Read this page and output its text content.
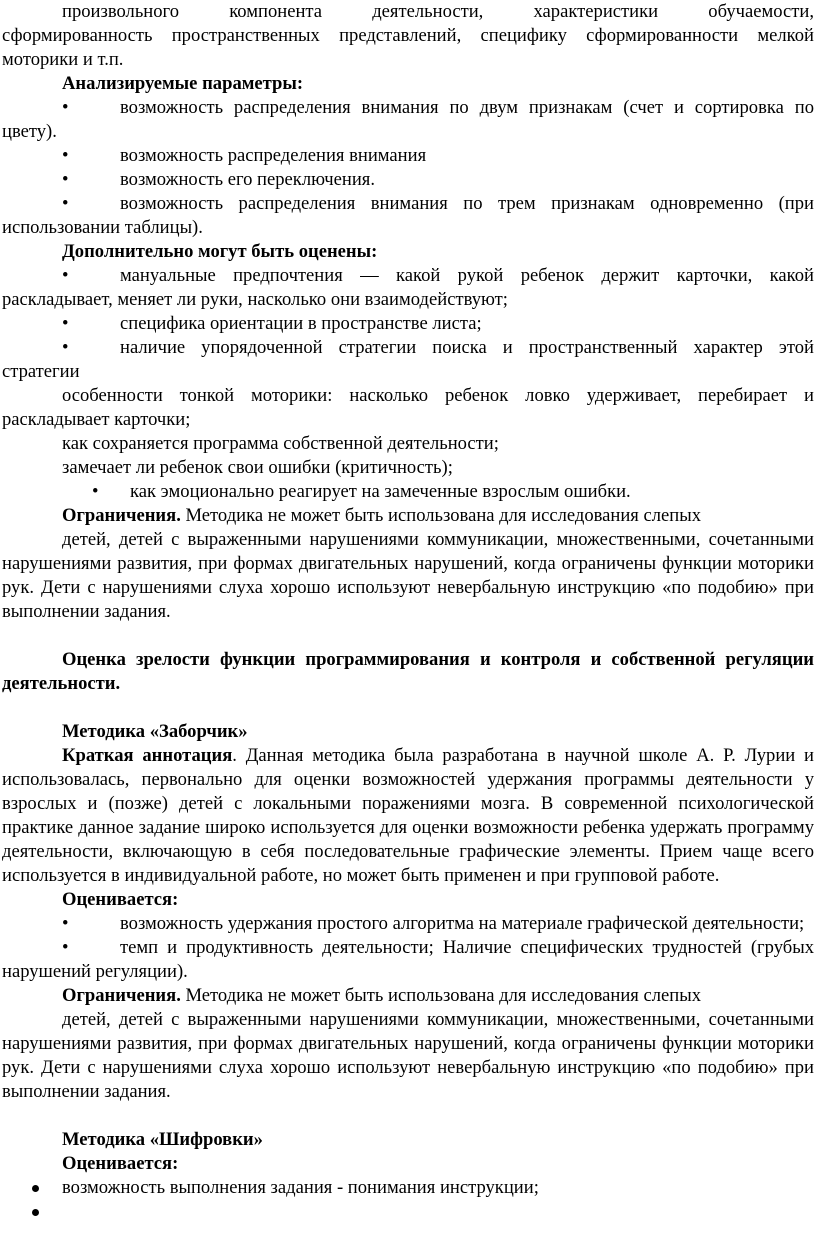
произвольного компонента деятельности, характеристики обучаемости,

сформированность пространственных представлений, специфику сформированности мелкой моторики и т.п.

Анализируемые параметры:

•	возможность распределения внимания по двум признакам (счет и сортировка по цвету).

•	возможность распределения внимания

•	возможность его переключения.

•	возможность распределения внимания по трем признакам одновременно (при использовании таблицы).

Дополнительно могут быть оценены:

•	мануальные предпочтения — какой рукой ребенок держит карточки, какой раскладывает, меняет ли руки, насколько они взаимодействуют;

•	специфика ориентации в пространстве листа;

•	наличие упорядоченной стратегии поиска и пространственный характер этой стратегии

особенности тонкой моторики: насколько ребенок ловко удерживает, перебирает и раскладывает карточки;

как сохраняется программа собственной деятельности;

замечает ли ребенок свои ошибки (критичность);

• как эмоционально реагирует на замеченные взрослым ошибки.

Ограничения. Методика не может быть использована для исследования слепых

детей, детей с выраженными нарушениями коммуникации, множественными, сочетанными нарушениями развития, при формах двигательных нарушений, когда ограничены функции моторики рук. Дети с нарушениями слуха хорошо используют невербальную инструкцию «по подобию» при выполнении задания.

Оценка зрелости функции программирования и контроля и собственной регуляции деятельности.

Методика «Заборчик»

Краткая аннотация. Данная методика была разработана в научной школе А. Р. Лурии и использовалась, первонально для оценки возможностей удержания программы деятельности у взрослых и (позже) детей с локальными поражениями мозга. В современной психологической практике данное задание широко используется для оценки возможности ребенка удержать программу деятельности, включающую в себя последовательные графические элементы. Прием чаще всего используется в индивидуальной работе, но может быть применен и при групповой работе.

Оценивается:

•	возможность удержания простого алгоритма на материале графической деятельности;

•	темп и продуктивность деятельности; Наличие специфических трудностей (грубых нарушений регуляции).

Ограничения. Методика не может быть использована для исследования слепых

детей, детей с выраженными нарушениями коммуникации, множественными, сочетанными нарушениями развития, при формах двигательных нарушений, когда ограничены функции моторики рук. Дети с нарушениями слуха хорошо используют невербальную инструкцию «по подобию» при выполнении задания.

Методика «Шифровки»

Оценивается:

возможность выполнения задания - понимания инструкции;
